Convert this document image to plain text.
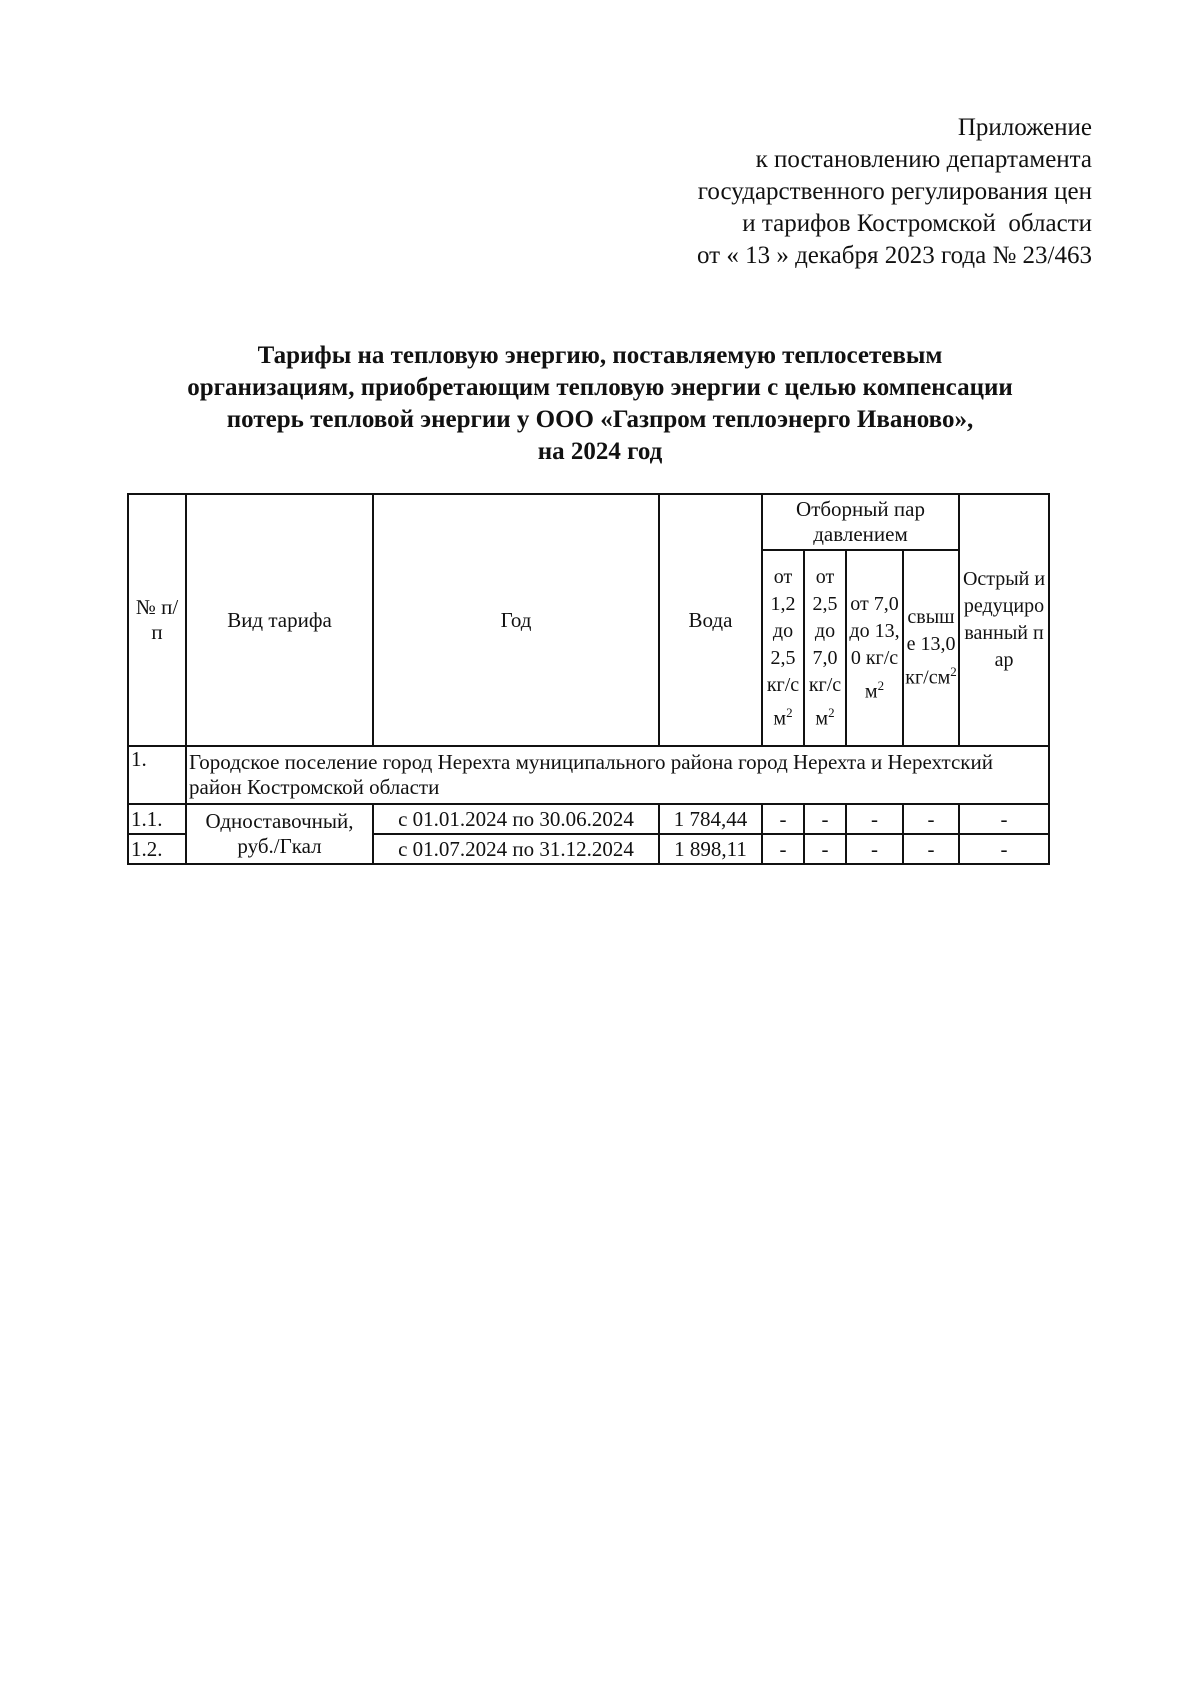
Приложение
к постановлению департамента
государственного регулирования цен
и тарифов Костромской  области
от « 13 » декабря 2023 года № 23/463
Тарифы на тепловую энергию, поставляемую теплосетевым
организациям, приобретающим тепловую энергии с целью компенсации
потерь тепловой энергии у ООО «Газпром теплоэнерго Иваново»,
на 2024 год
№ п/п	Вид тарифа	Год	Вода	Отборный пар давлением				Острый и редуцированный пар
				от 1,2 до 2,5 $кг/см^2$	от 2,5 до 7,0 $кг/см^2$	от 7,0 до 13,0 $кг/см^2$	свыше 13,0 $кг/см^2$
1.	Городское поселение город Нерехта муниципального района город Нерехта и Нерехтский район Костромской области							
1.1.	Одноставочный, руб./Гкал	с 01.01.2024 по 30.06.2024	1 784,44	-	-	-	-	-
1.2.		с 01.07.2024 по 31.12.2024	1 898,11	-	-	-	-	-
